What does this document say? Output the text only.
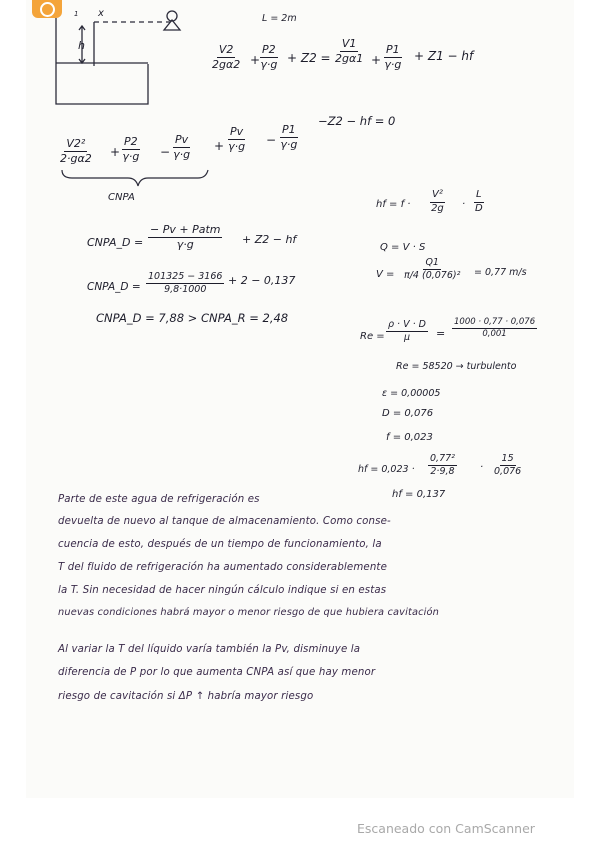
x
1
h
L = 2m
$\frac{V2}{2g\alpha 2} + \frac{P2}{\gamma\cdot g} + Z2 = \frac{V1}{2g\alpha 1} + \frac{P1}{\gamma\cdot g} + Z1$ − hf
$\frac{\text{V2²}}{2\cdot g\alpha 2} + \frac{P2}{\gamma\cdot g} - \frac{Pv}{\gamma\cdot g} + \frac{Pv}{\gamma\cdot g} - \frac{P1}{\gamma\cdot g}$
−Z2 − hf = 0
CNPA
CNPA_D =
− Pv + Patm
γ·g	+ Z2 − hf
CNPA_D = $\frac{101325 - 3166}{9,8\cdot 1000} + 2 - 0,137$
CNPA_D = 7,88 > CNPA_R = 2,48
hf = $f \cdot \frac{\text{V²}}{2g} \cdot \frac{L}{D}$
Q = V · S
$V = \frac{Q1}{\text{π/4 (0,076)²}} = 0,77$ m/s
$Re = \frac{\rho \cdot V \cdot D}{\mu} = \frac{1000 \cdot 0,77 \cdot 0,076}{0,001}$
Re = 58520 → turbulento
ε = 0,00005
D = 0,076
f = 0,023
hf = $0,023 \cdot \frac{\text{0,77²}}{2\cdot 9,8} \cdot \frac{15}{0,076}$
hf = 0,137
Parte de este agua de refrigeración es
devuelta de nuevo al tanque de almacenamiento. Como conse-
cuencia de esto, después de un tiempo de funcionamiento, la
T del fluido de refrigeración ha aumentado considerablemente
la T. Sin necesidad de hacer ningún cálculo indique si en estas
nuevas condiciones habrá mayor o menor riesgo de que hubiera cavitación
Al variar la T del líquido varía también la Pv, disminuye la
diferencia de P por lo que aumenta CNPA así que hay menor
riesgo de cavitación si ΔP ↑ habría mayor riesgo
Escaneado con CamScanner
